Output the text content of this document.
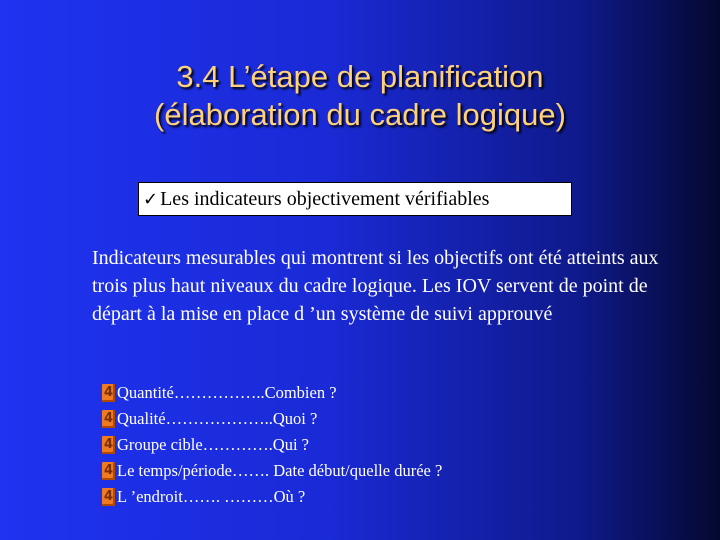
3.4 L’étape de planification
(élaboration du cadre logique)
✓ Les indicateurs objectivement vérifiables

Indicateurs mesurables qui montrent si les objectifs ont été atteints aux trois plus haut niveaux du cadre logique. Les IOV servent de point de départ à la mise en place d ’un système de suivi approuvé

4 Quantité……………..Combien ?
4 Qualité………………..Quoi ?
4 Groupe cible………….Qui ?
4 Le temps/période……. Date début/quelle durée ?
4 L ’endroit……. ………Où ?
